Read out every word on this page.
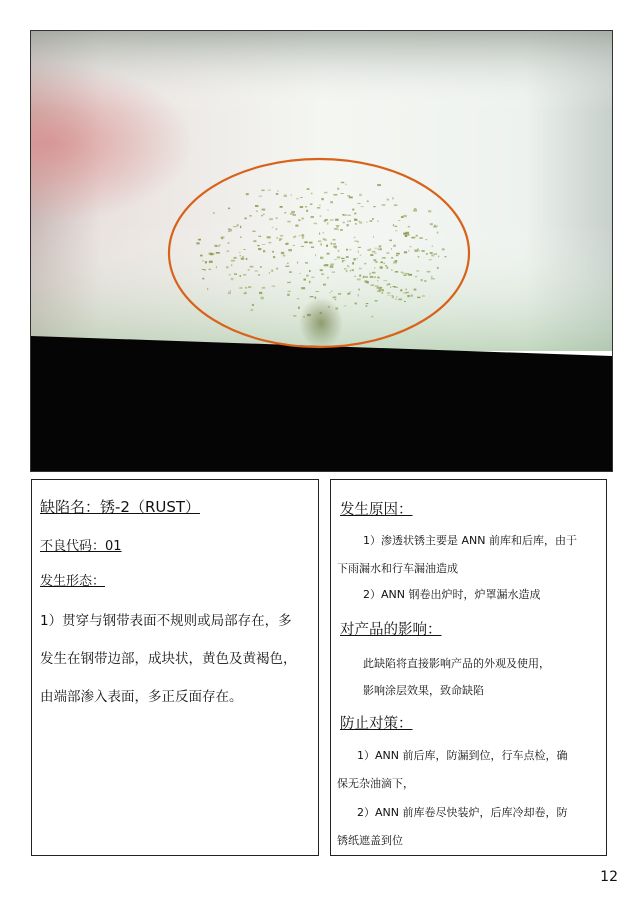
缺陷名：锈-2（RUST）
不良代码：01
发生形态：
1）贯穿与钢带表面不规则或局部存在，多
发生在钢带边部，成块状，黄色及黄褐色，
由端部渗入表面，多正反面存在。
发生原因：
1）渗透状锈主要是 ANN 前库和后库，由于
下雨漏水和行车漏油造成
2）ANN 钢卷出炉时，炉罩漏水造成
对产品的影响：
此缺陷将直接影响产品的外观及使用，
影响涂层效果，致命缺陷
防止对策：
1）ANN 前后库，防漏到位，行车点检，确
保无杂油滴下，
2）ANN 前库卷尽快装炉，后库冷却卷，防
锈纸遮盖到位
12
